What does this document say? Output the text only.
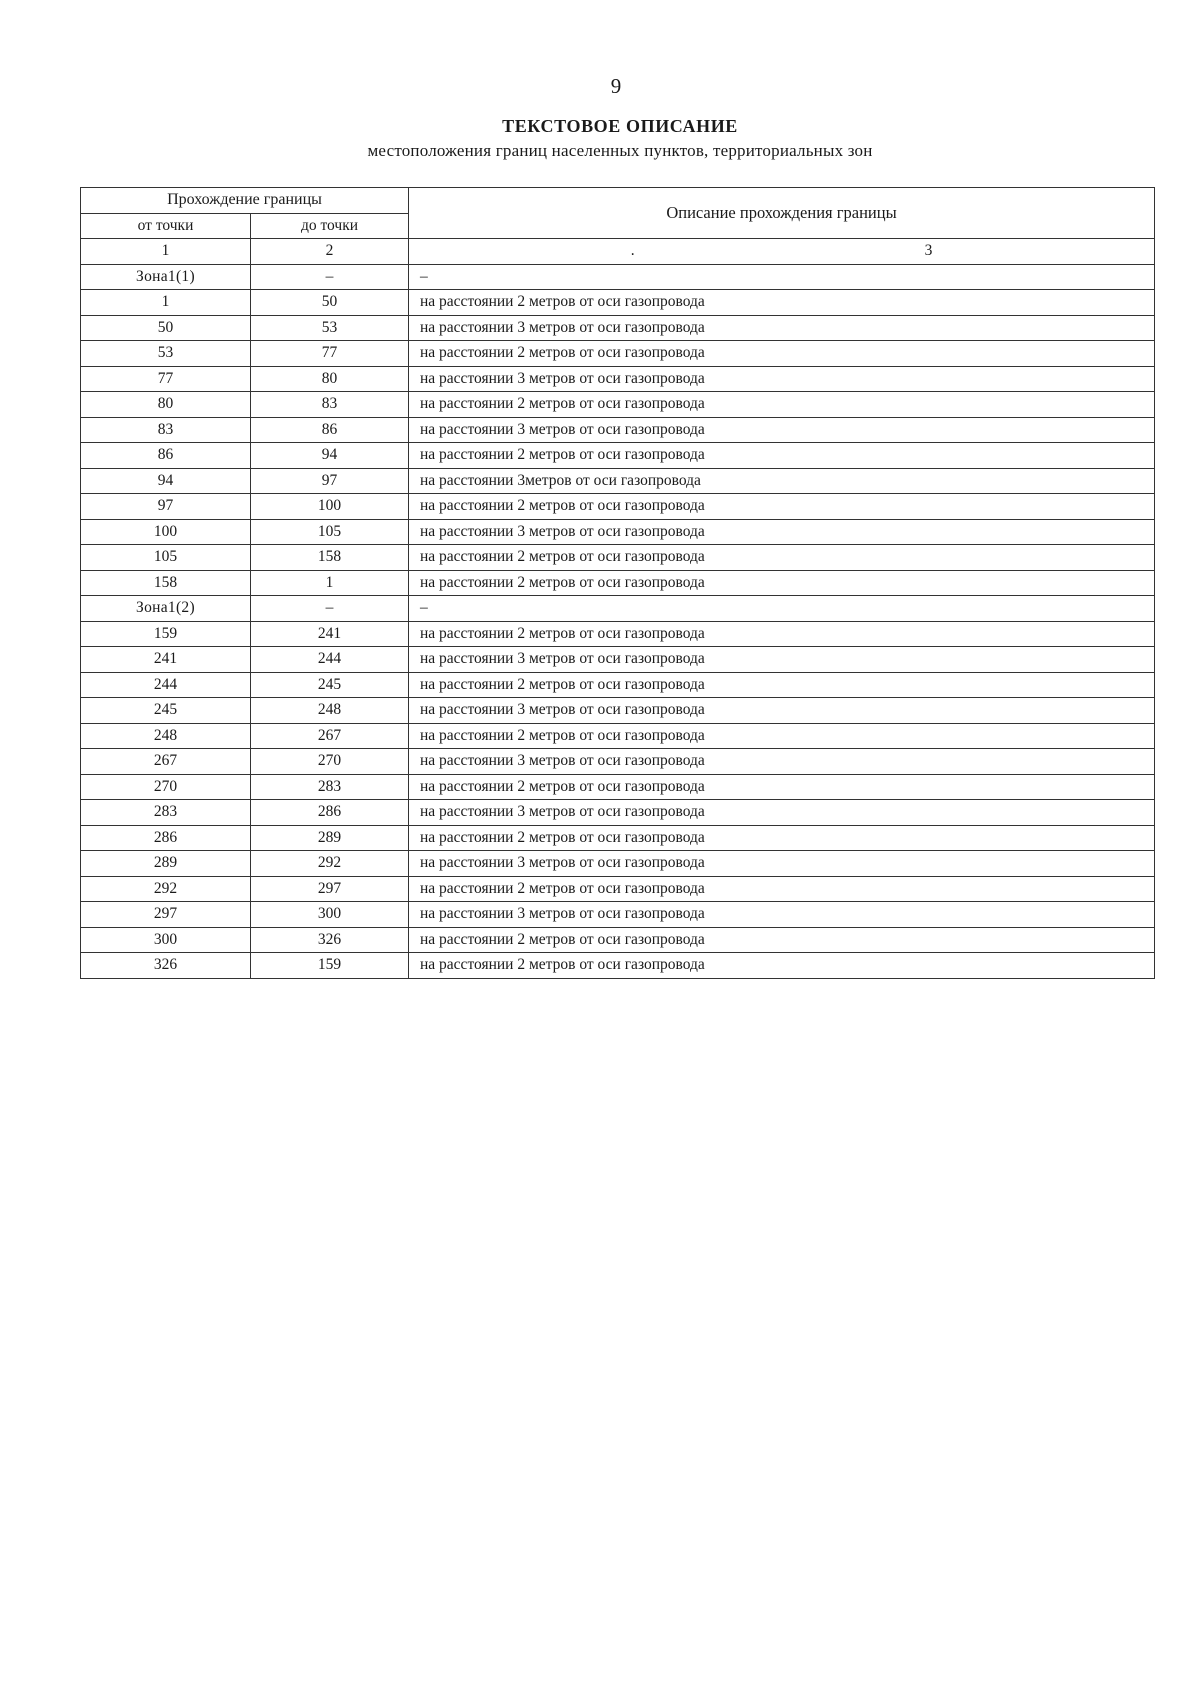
9
ТЕКСТОВОЕ ОПИСАНИЕ
местоположения границ населенных пунктов, территориальных зон
Прохождение границы		Описание прохождения границы
от точки	до точки	
1	2	. 3
Зона1(1)	–	–
1	50	на расстоянии 2 метров от оси газопровода
50	53	на расстоянии 3 метров от оси газопровода
53	77	на расстоянии 2 метров от оси газопровода
77	80	на расстоянии 3 метров от оси газопровода
80	83	на расстоянии 2 метров от оси газопровода
83	86	на расстоянии 3 метров от оси газопровода
86	94	на расстоянии 2 метров от оси газопровода
94	97	на расстоянии 3метров от оси газопровода
97	100	на расстоянии 2 метров от оси газопровода
100	105	на расстоянии 3 метров от оси газопровода
105	158	на расстоянии 2 метров от оси газопровода
158	1	на расстоянии 2 метров от оси газопровода
Зона1(2)	–	–
159	241	на расстоянии 2 метров от оси газопровода
241	244	на расстоянии 3 метров от оси газопровода
244	245	на расстоянии 2 метров от оси газопровода
245	248	на расстоянии 3 метров от оси газопровода
248	267	на расстоянии 2 метров от оси газопровода
267	270	на расстоянии 3 метров от оси газопровода
270	283	на расстоянии 2 метров от оси газопровода
283	286	на расстоянии 3 метров от оси газопровода
286	289	на расстоянии 2 метров от оси газопровода
289	292	на расстоянии 3 метров от оси газопровода
292	297	на расстоянии 2 метров от оси газопровода
297	300	на расстоянии 3 метров от оси газопровода
300	326	на расстоянии 2 метров от оси газопровода
326	159	на расстоянии 2 метров от оси газопровода
